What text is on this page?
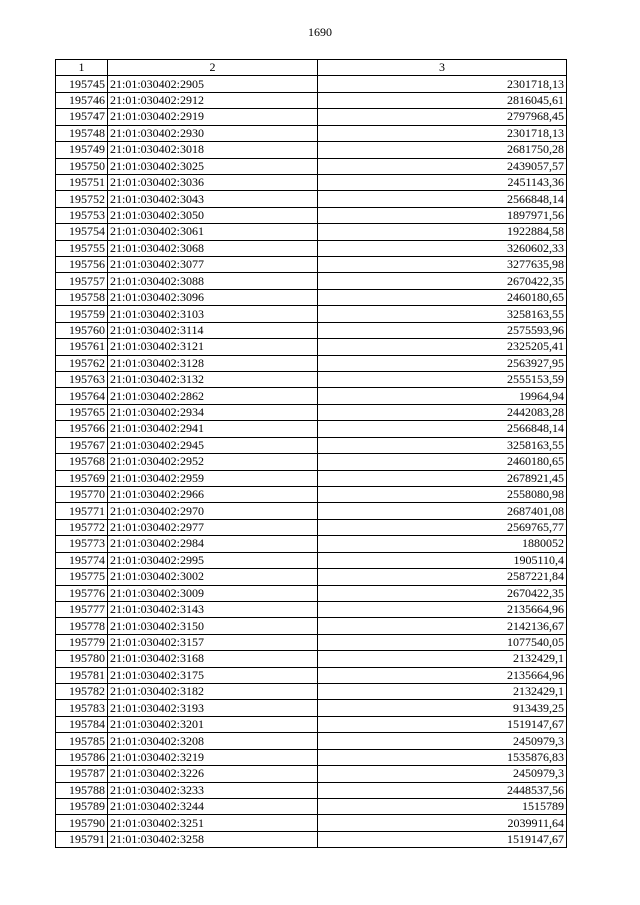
1690
1	2	3
195745	21:01:030402:2905	2301718,13
195746	21:01:030402:2912	2816045,61
195747	21:01:030402:2919	2797968,45
195748	21:01:030402:2930	2301718,13
195749	21:01:030402:3018	2681750,28
195750	21:01:030402:3025	2439057,57
195751	21:01:030402:3036	2451143,36
195752	21:01:030402:3043	2566848,14
195753	21:01:030402:3050	1897971,56
195754	21:01:030402:3061	1922884,58
195755	21:01:030402:3068	3260602,33
195756	21:01:030402:3077	3277635,98
195757	21:01:030402:3088	2670422,35
195758	21:01:030402:3096	2460180,65
195759	21:01:030402:3103	3258163,55
195760	21:01:030402:3114	2575593,96
195761	21:01:030402:3121	2325205,41
195762	21:01:030402:3128	2563927,95
195763	21:01:030402:3132	2555153,59
195764	21:01:030402:2862	19964,94
195765	21:01:030402:2934	2442083,28
195766	21:01:030402:2941	2566848,14
195767	21:01:030402:2945	3258163,55
195768	21:01:030402:2952	2460180,65
195769	21:01:030402:2959	2678921,45
195770	21:01:030402:2966	2558080,98
195771	21:01:030402:2970	2687401,08
195772	21:01:030402:2977	2569765,77
195773	21:01:030402:2984	1880052
195774	21:01:030402:2995	1905110,4
195775	21:01:030402:3002	2587221,84
195776	21:01:030402:3009	2670422,35
195777	21:01:030402:3143	2135664,96
195778	21:01:030402:3150	2142136,67
195779	21:01:030402:3157	1077540,05
195780	21:01:030402:3168	2132429,1
195781	21:01:030402:3175	2135664,96
195782	21:01:030402:3182	2132429,1
195783	21:01:030402:3193	913439,25
195784	21:01:030402:3201	1519147,67
195785	21:01:030402:3208	2450979,3
195786	21:01:030402:3219	1535876,83
195787	21:01:030402:3226	2450979,3
195788	21:01:030402:3233	2448537,56
195789	21:01:030402:3244	1515789
195790	21:01:030402:3251	2039911,64
195791	21:01:030402:3258	1519147,67
